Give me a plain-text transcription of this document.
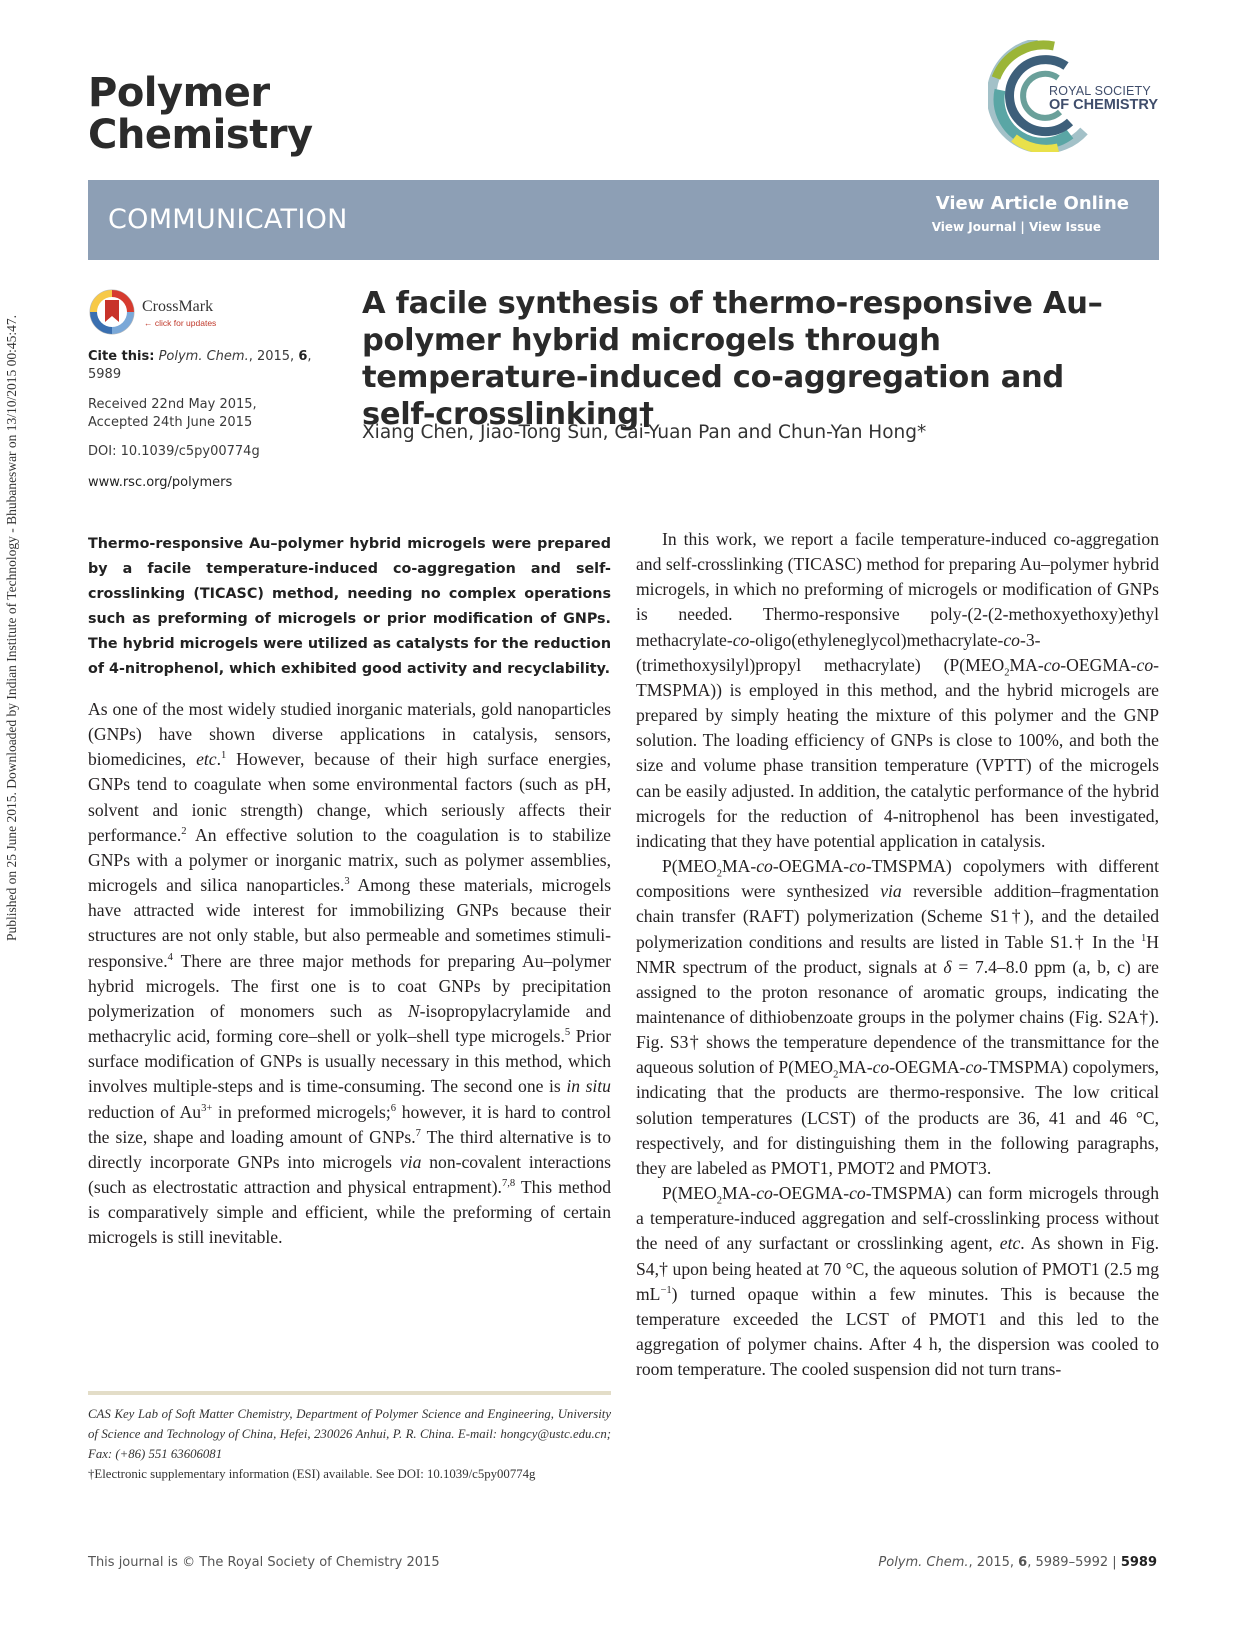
Published on 25 June 2015. Downloaded by Indian Institute of Technology - Bhubaneswar on 13/10/2015 00:45:47.
Polymer
Chemistry
ROYAL SOCIETY
OF CHEMISTRY
COMMUNICATION
View Article Online
View Journal | View Issue
CrossMark
← click for updates
Cite this: Polym. Chem., 2015, 6, 5989
Received 22nd May 2015,
Accepted 24th June 2015
DOI: 10.1039/c5py00774g
www.rsc.org/polymers
A facile synthesis of thermo-responsive Au–polymer hybrid microgels through temperature-induced co-aggregation and self-crosslinking†
Xiang Chen, Jiao-Tong Sun, Cai-Yuan Pan and Chun-Yan Hong*
Thermo-responsive Au–polymer hybrid microgels were prepared by a facile temperature-induced co-aggregation and self-crosslinking (TICASC) method, needing no complex operations such as preforming of microgels or prior modification of GNPs. The hybrid microgels were utilized as catalysts for the reduction of 4-nitrophenol, which exhibited good activity and recyclability.

As one of the most widely studied inorganic materials, gold nanoparticles (GNPs) have shown diverse applications in catalysis, sensors, biomedicines, etc.$^1$ However, because of their high surface energies, GNPs tend to coagulate when some environmental factors (such as pH, solvent and ionic strength) change, which seriously affects their performance.$^2$ An effective solution to the coagulation is to stabilize GNPs with a polymer or inorganic matrix, such as polymer assemblies, microgels and silica nanoparticles.$^3$ Among these materials, microgels have attracted wide interest for immobilizing GNPs because their structures are not only stable, but also permeable and sometimes stimuli-responsive.$^4$ There are three major methods for preparing Au–polymer hybrid microgels. The first one is to coat GNPs by precipitation polymerization of monomers such as N-isopropylacrylamide and methacrylic acid, forming core–shell or yolk–shell type microgels.$^5$ Prior surface modification of GNPs is usually necessary in this method, which involves multiple-steps and is time-consuming. The second one is in situ reduction of $Au^{3+}$ in preformed microgels;$^6$ however, it is hard to control the size, shape and loading amount of GNPs.$^7$ The third alternative is to directly incorporate GNPs into microgels via non-covalent interactions (such as electrostatic attraction and physical entrapment).$^{7,8}$ This method is comparatively simple and efficient, while the preforming of certain microgels is still inevitable.

In this work, we report a facile temperature-induced co-aggregation and self-crosslinking (TICASC) method for preparing Au–polymer hybrid microgels, in which no preforming of microgels or modification of GNPs is needed. Thermo-responsive poly-(2-(2-methoxyethoxy)ethyl methacrylate-co-oligo(ethyleneglycol)methacrylate-co-3-(trimethoxysilyl)propyl methacrylate) $(P(MEO_2MA-co-OEGMA-co-TMSPMA))$ is employed in this method, and the hybrid microgels are prepared by simply heating the mixture of this polymer and the GNP solution. The loading efficiency of GNPs is close to 100%, and both the size and volume phase transition temperature (VPTT) of the microgels can be easily adjusted. In addition, the catalytic performance of the hybrid microgels for the reduction of 4-nitrophenol has been investigated, indicating that they have potential application in catalysis.

$P(MEO_2MA-co-OEGMA-co-TMSPMA)$ copolymers with different compositions were synthesized via reversible addition–fragmentation chain transfer (RAFT) polymerization (Scheme S1†), and the detailed polymerization conditions and results are listed in Table S1.† In the $^1$H NMR spectrum of the product, signals at δ = 7.4–8.0 ppm (a, b, c) are assigned to the proton resonance of aromatic groups, indicating the maintenance of dithiobenzoate groups in the polymer chains (Fig. S2A†). Fig. S3† shows the temperature dependence of the transmittance for the aqueous solution of $P(MEO_2MA-co-OEGMA-co-TMSPMA)$ copolymers, indicating that the products are thermo-responsive. The low critical solution temperatures (LCST) of the products are 36, 41 and 46 °C, respectively, and for distinguishing them in the following paragraphs, they are labeled as PMOT1, PMOT2 and PMOT3.

$P(MEO_2MA-co-OEGMA-co-TMSPMA)$ can form microgels through a temperature-induced aggregation and self-crosslinking process without the need of any surfactant or crosslinking agent, etc. As shown in Fig. S4,† upon being heated at 70 °C, the aqueous solution of PMOT1 (2.5 mg $mL^{-1}$) turned opaque within a few minutes. This is because the temperature exceeded the LCST of PMOT1 and this led to the aggregation of polymer chains. After 4 h, the dispersion was cooled to room temperature. The cooled suspension did not turn trans-

CAS Key Lab of Soft Matter Chemistry, Department of Polymer Science and Engineering, University of Science and Technology of China, Hefei, 230026 Anhui, P. R. China. E-mail: hongcy@ustc.edu.cn; Fax: (+86) 551 63606081

†Electronic supplementary information (ESI) available. See DOI: 10.1039/c5py00774g

This journal is © The Royal Society of Chemistry 2015	Polym. Chem., 2015, 6, 5989–5992 | 5989
